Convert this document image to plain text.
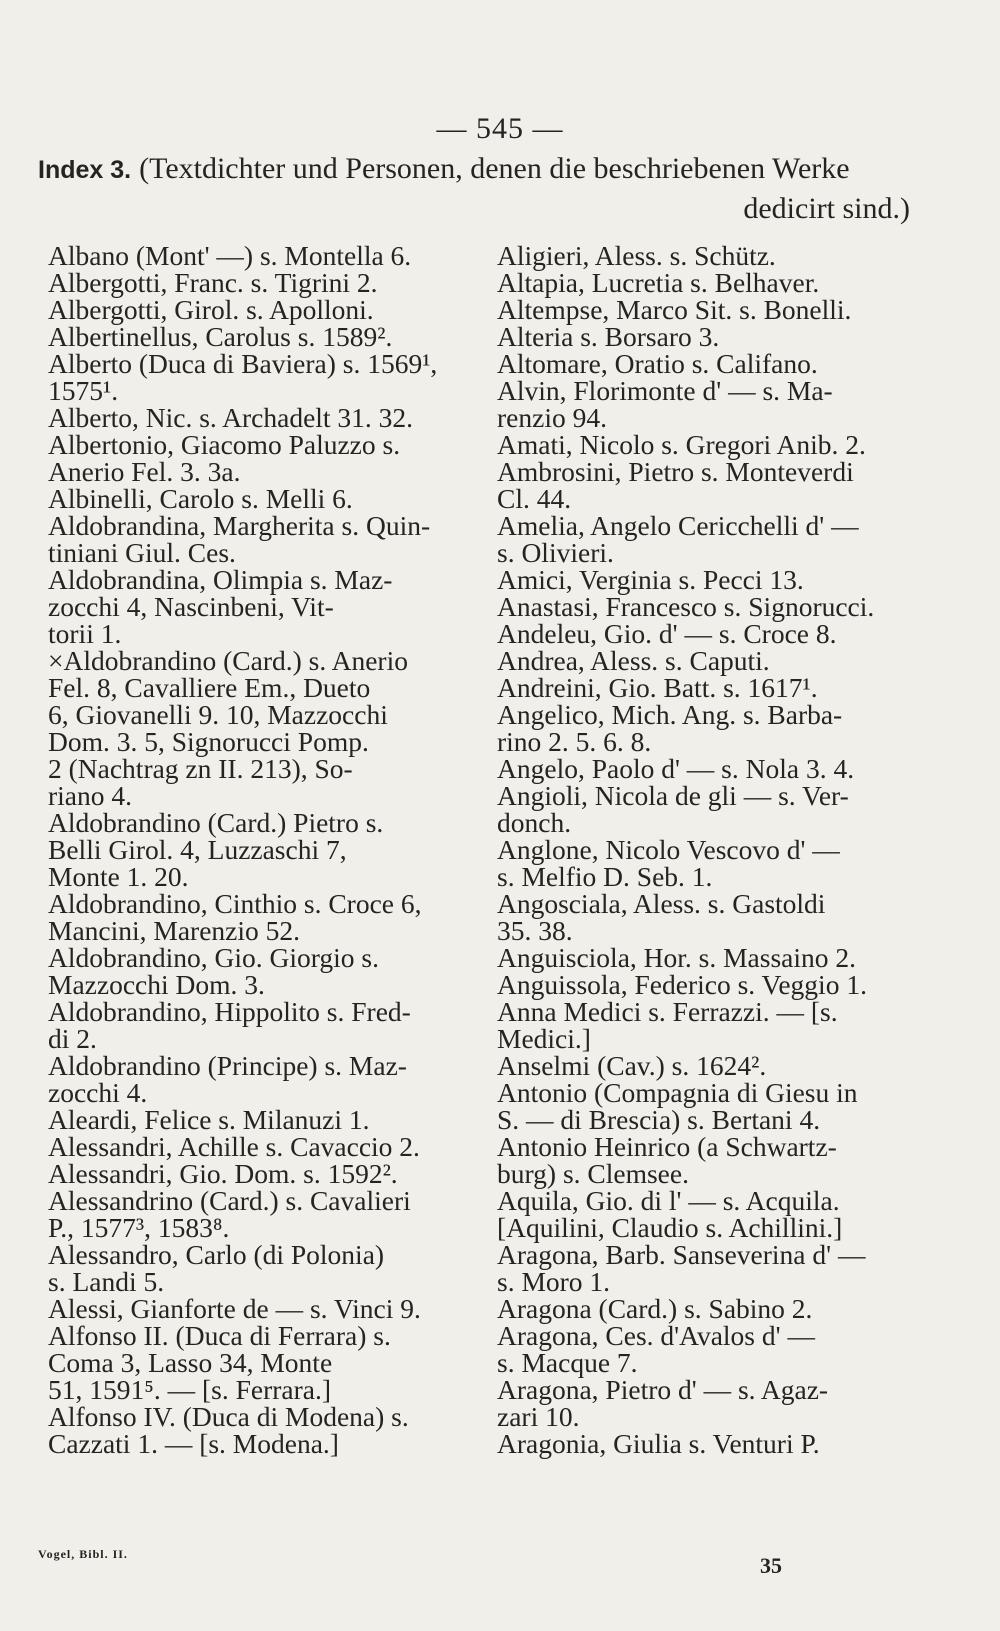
— 545 —
Index 3. (Textdichter und Personen, denen die beschriebenen Werke
dedicirt sind.)
Albano (Mont' —) s. Montella 6.
Albergotti, Franc. s. Tigrini 2.
Albergotti, Girol. s. Apolloni.
Albertinellus, Carolus s. 1589².
Alberto (Duca di Baviera) s. 1569¹,
1575¹.
Alberto, Nic. s. Archadelt 31. 32.
Albertonio, Giacomo Paluzzo s.
Anerio Fel. 3. 3a.
Albinelli, Carolo s. Melli 6.
Aldobrandina, Margherita s. Quin-
tiniani Giul. Ces.
Aldobrandina, Olimpia s. Maz-
zocchi 4, Nascinbeni, Vit-
torii 1.
×Aldobrandino (Card.) s. Anerio
Fel. 8, Cavalliere Em., Dueto
6, Giovanelli 9. 10, Mazzocchi
Dom. 3. 5, Signorucci Pomp.
2 (Nachtrag zn II. 213), So-
riano 4.
Aldobrandino (Card.) Pietro s.
Belli Girol. 4, Luzzaschi 7,
Monte 1. 20.
Aldobrandino, Cinthio s. Croce 6,
Mancini, Marenzio 52.
Aldobrandino, Gio. Giorgio s.
Mazzocchi Dom. 3.
Aldobrandino, Hippolito s. Fred-
di 2.
Aldobrandino (Principe) s. Maz-
zocchi 4.
Aleardi, Felice s. Milanuzi 1.
Alessandri, Achille s. Cavaccio 2.
Alessandri, Gio. Dom. s. 1592².
Alessandrino (Card.) s. Cavalieri
P., 1577³, 1583⁸.
Alessandro, Carlo (di Polonia)
s. Landi 5.
Alessi, Gianforte de — s. Vinci 9.
Alfonso II. (Duca di Ferrara) s.
Coma 3, Lasso 34, Monte
51, 1591⁵. — [s. Ferrara.]
Alfonso IV. (Duca di Modena) s.
Cazzati 1. — [s. Modena.]
Aligieri, Aless. s. Schütz.
Altapia, Lucretia s. Belhaver.
Altempse, Marco Sit. s. Bonelli.
Alteria s. Borsaro 3.
Altomare, Oratio s. Califano.
Alvin, Florimonte d' — s. Ma-
renzio 94.
Amati, Nicolo s. Gregori Anib. 2.
Ambrosini, Pietro s. Monteverdi
Cl. 44.
Amelia, Angelo Cericchelli d' —
s. Olivieri.
Amici, Verginia s. Pecci 13.
Anastasi, Francesco s. Signorucci.
Andeleu, Gio. d' — s. Croce 8.
Andrea, Aless. s. Caputi.
Andreini, Gio. Batt. s. 1617¹.
Angelico, Mich. Ang. s. Barba-
rino 2. 5. 6. 8.
Angelo, Paolo d' — s. Nola 3. 4.
Angioli, Nicola de gli — s. Ver-
donch.
Anglone, Nicolo Vescovo d' —
s. Melfio D. Seb. 1.
Angosciala, Aless. s. Gastoldi
35. 38.
Anguisciola, Hor. s. Massaino 2.
Anguissola, Federico s. Veggio 1.
Anna Medici s. Ferrazzi. — [s.
Medici.]
Anselmi (Cav.) s. 1624².
Antonio (Compagnia di Giesu in
S. — di Brescia) s. Bertani 4.
Antonio Heinrico (a Schwartz-
burg) s. Clemsee.
Aquila, Gio. di l' — s. Acquila.
[Aquilini, Claudio s. Achillini.]
Aragona, Barb. Sanseverina d' —
s. Moro 1.
Aragona (Card.) s. Sabino 2.
Aragona, Ces. d'Avalos d' —
s. Macque 7.
Aragona, Pietro d' — s. Agaz-
zari 10.
Aragonia, Giulia s. Venturi P.
Vogel, Bibl. II.	35
